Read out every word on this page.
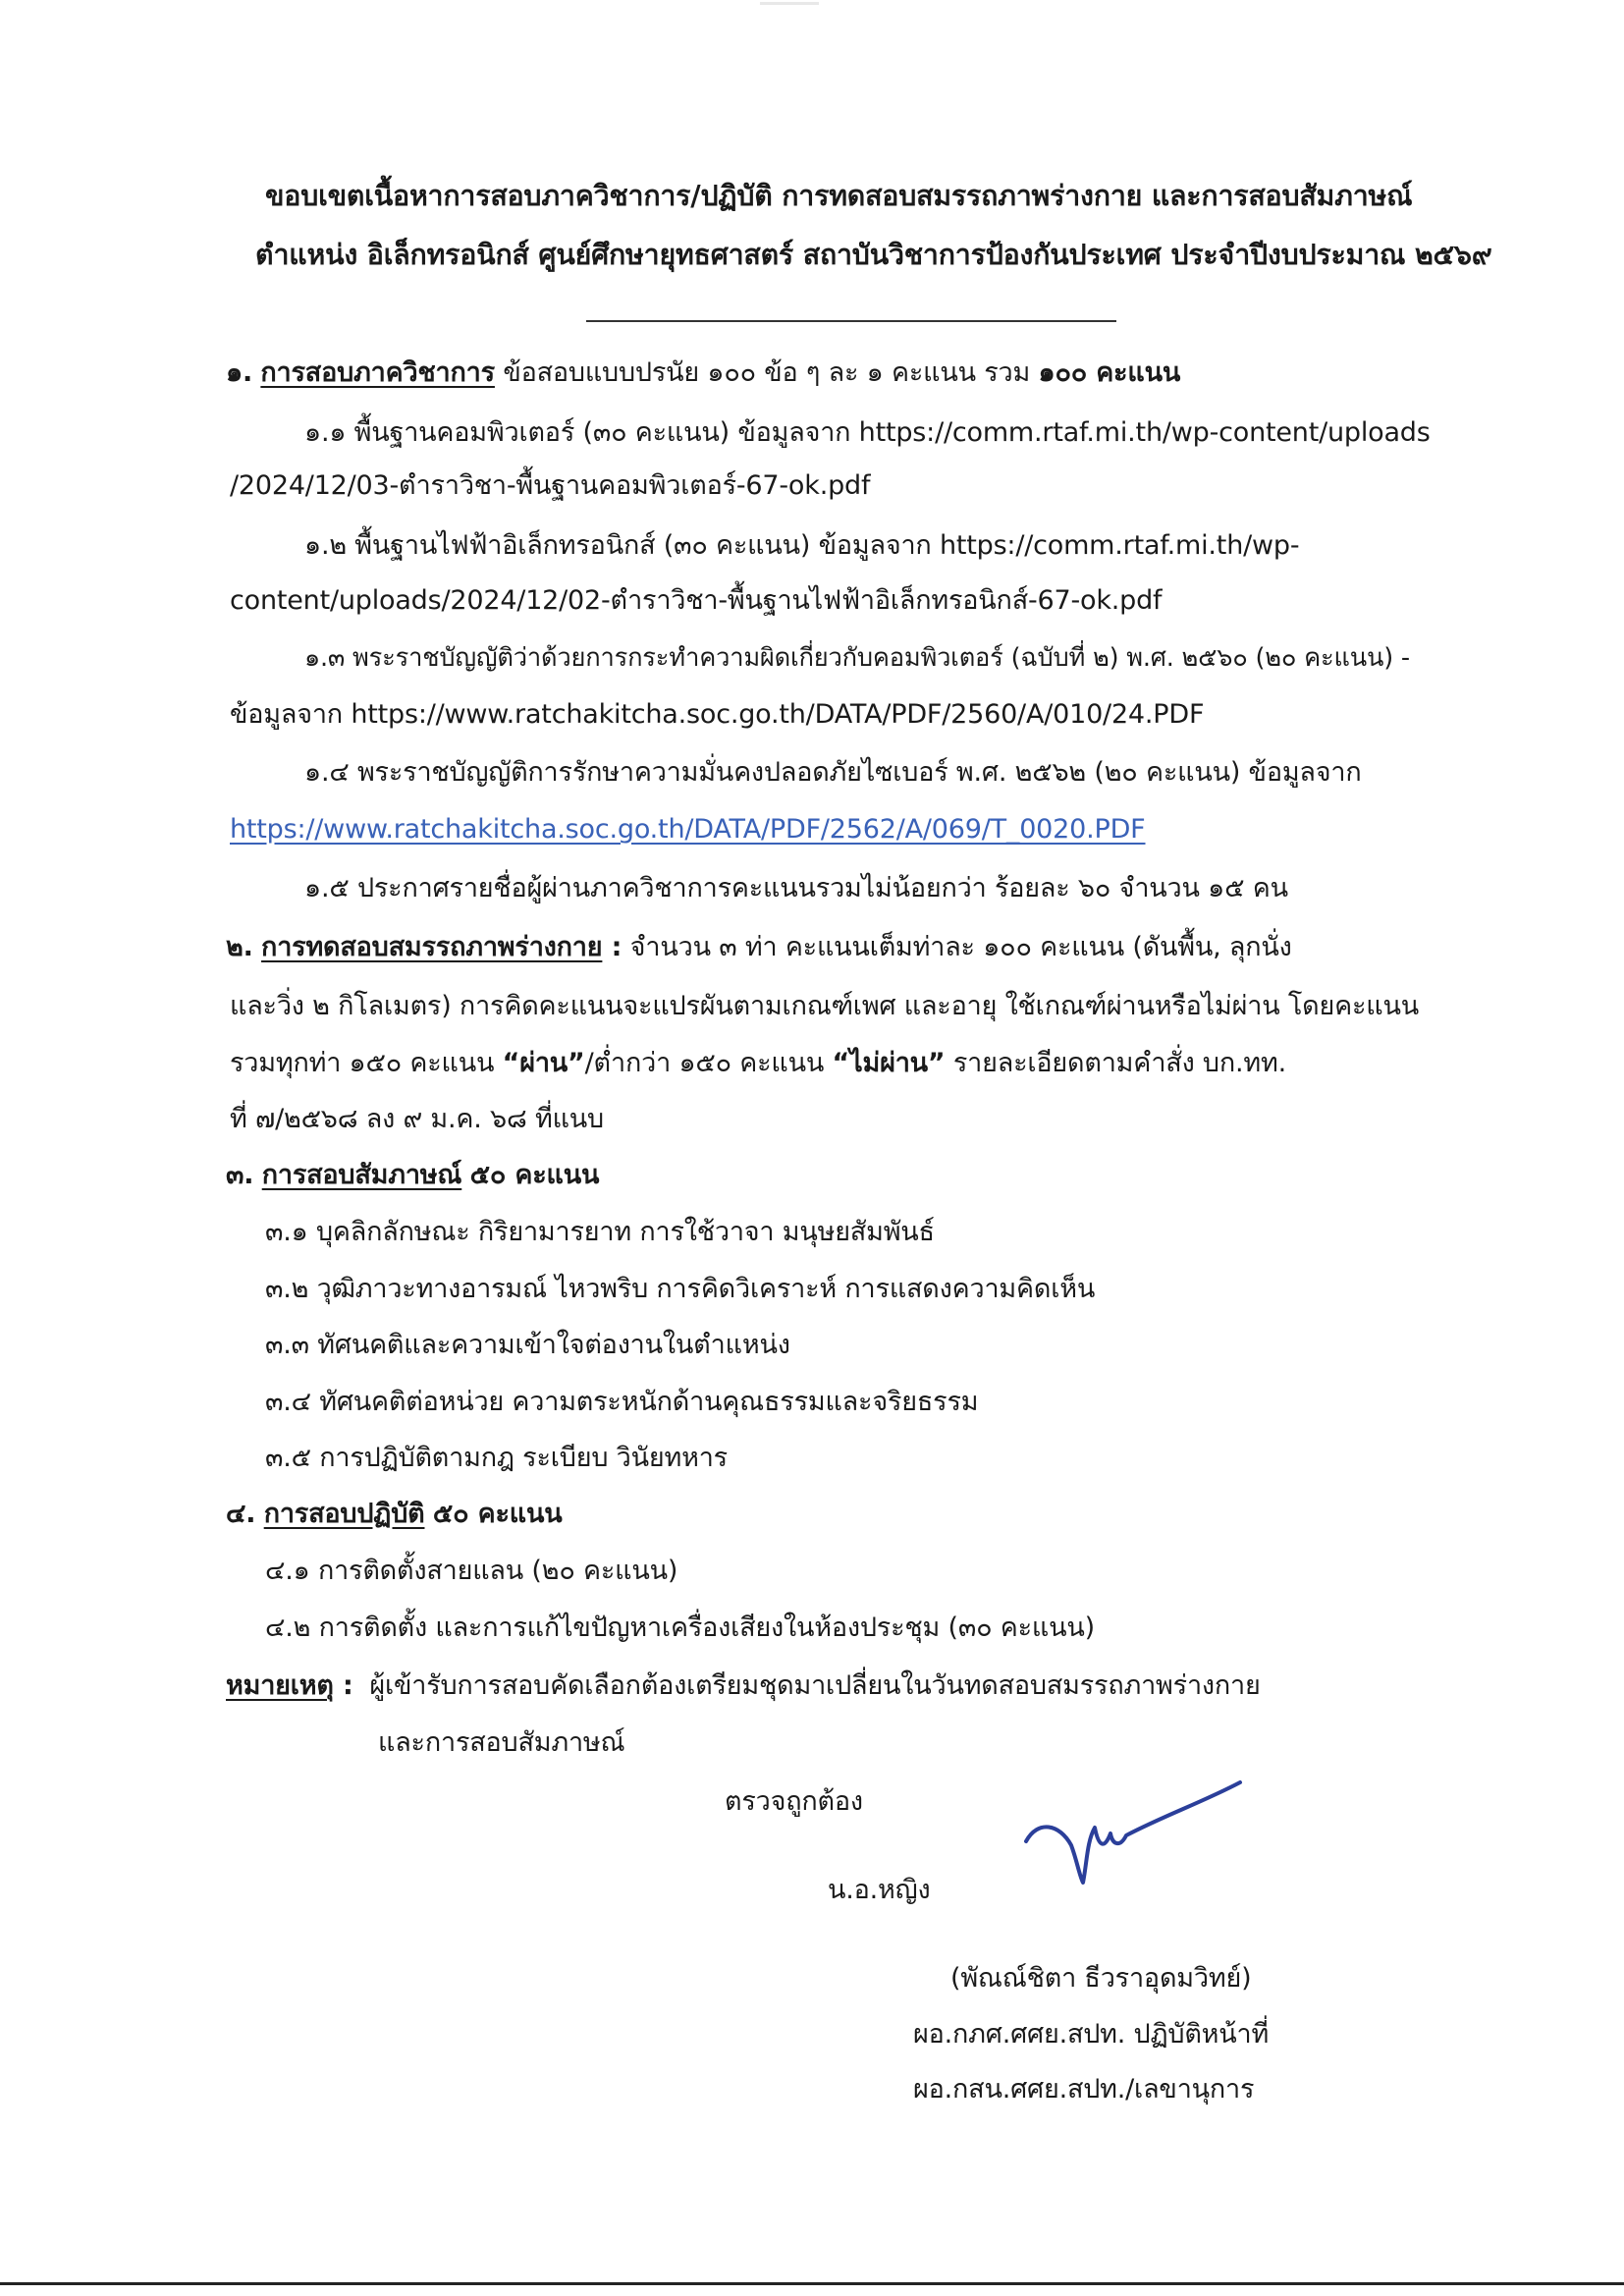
ขอบเขตเนื้อหาการสอบภาควิชาการ/ปฏิบัติ การทดสอบสมรรถภาพร่างกาย และการสอบสัมภาษณ์
ตำแหน่ง อิเล็กทรอนิกส์ ศูนย์ศึกษายุทธศาสตร์ สถาบันวิชาการป้องกันประเทศ ประจำปีงบประมาณ ๒๕๖๙
๑. การสอบภาควิชาการ ข้อสอบแบบปรนัย ๑๐๐ ข้อ ๆ ละ ๑ คะแนน รวม ๑๐๐ คะแนน
๑.๑ พื้นฐานคอมพิวเตอร์ (๓๐ คะแนน) ข้อมูลจาก https://comm.rtaf.mi.th/wp-content/uploads
/2024/12/03-ตำราวิชา-พื้นฐานคอมพิวเตอร์-67-ok.pdf
๑.๒ พื้นฐานไฟฟ้าอิเล็กทรอนิกส์ (๓๐ คะแนน) ข้อมูลจาก https://comm.rtaf.mi.th/wp-
content/uploads/2024/12/02-ตำราวิชา-พื้นฐานไฟฟ้าอิเล็กทรอนิกส์-67-ok.pdf
๑.๓ พระราชบัญญัติว่าด้วยการกระทำความผิดเกี่ยวกับคอมพิวเตอร์ (ฉบับที่ ๒) พ.ศ. ๒๕๖๐ (๒๐ คะแนน) -
ข้อมูลจาก https://www.ratchakitcha.soc.go.th/DATA/PDF/2560/A/010/24.PDF
๑.๔ พระราชบัญญัติการรักษาความมั่นคงปลอดภัยไซเบอร์ พ.ศ. ๒๕๖๒ (๒๐ คะแนน) ข้อมูลจาก
https://www.ratchakitcha.soc.go.th/DATA/PDF/2562/A/069/T_0020.PDF
๑.๕ ประกาศรายชื่อผู้ผ่านภาควิชาการคะแนนรวมไม่น้อยกว่า ร้อยละ ๖๐ จำนวน ๑๕ คน
๒. การทดสอบสมรรถภาพร่างกาย : จำนวน ๓ ท่า คะแนนเต็มท่าละ ๑๐๐ คะแนน (ดันพื้น, ลุกนั่ง
และวิ่ง ๒ กิโลเมตร) การคิดคะแนนจะแปรผันตามเกณฑ์เพศ และอายุ ใช้เกณฑ์ผ่านหรือไม่ผ่าน โดยคะแนน
รวมทุกท่า ๑๕๐ คะแนน “ผ่าน”/ต่ำกว่า ๑๕๐ คะแนน “ไม่ผ่าน” รายละเอียดตามคำสั่ง บก.ทท.
ที่ ๗/๒๕๖๘ ลง ๙ ม.ค. ๖๘ ที่แนบ
๓. การสอบสัมภาษณ์ ๕๐ คะแนน
๓.๑ บุคลิกลักษณะ กิริยามารยาท การใช้วาจา มนุษยสัมพันธ์
๓.๒ วุฒิภาวะทางอารมณ์ ไหวพริบ การคิดวิเคราะห์ การแสดงความคิดเห็น
๓.๓ ทัศนคติและความเข้าใจต่องานในตำแหน่ง
๓.๔ ทัศนคติต่อหน่วย ความตระหนักด้านคุณธรรมและจริยธรรม
๓.๕ การปฏิบัติตามกฎ ระเบียบ วินัยทหาร
๔. การสอบปฏิบัติ ๕๐ คะแนน
๔.๑ การติดตั้งสายแลน (๒๐ คะแนน)
๔.๒ การติดตั้ง และการแก้ไขปัญหาเครื่องเสียงในห้องประชุม (๓๐ คะแนน)
หมายเหตุ : ผู้เข้ารับการสอบคัดเลือกต้องเตรียมชุดมาเปลี่ยนในวันทดสอบสมรรถภาพร่างกาย
และการสอบสัมภาษณ์
ตรวจถูกต้อง
น.อ.หญิง
(พัณณ์ชิตา ธีวราอุดมวิทย์)
ผอ.กภศ.ศศย.สปท. ปฏิบัติหน้าที่
ผอ.กสน.ศศย.สปท./เลขานุการ
